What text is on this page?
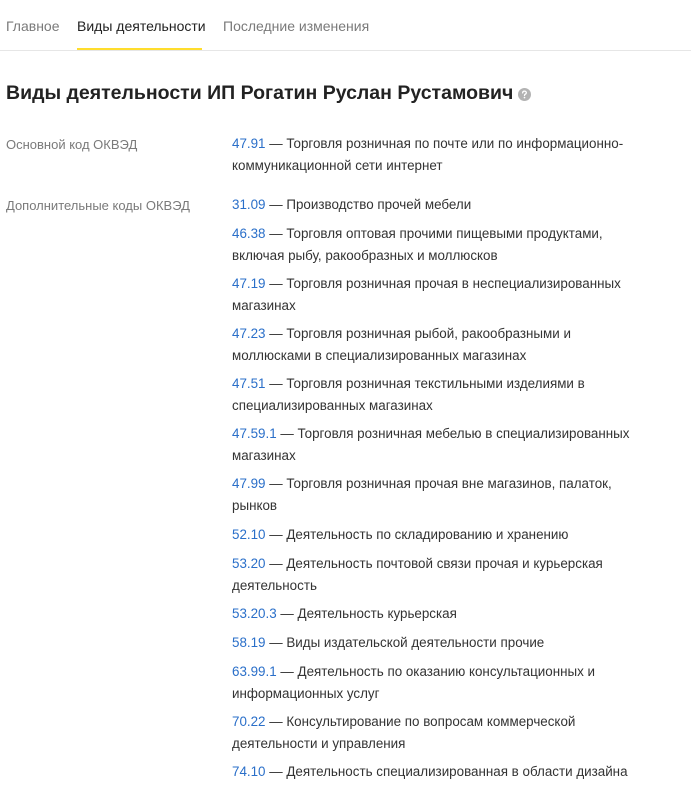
Главное Виды деятельности Последние изменения
Виды деятельности ИП Рогатин Руслан Рустамович
Основной код ОКВЭД	47.91 — Торговля розничная по почте или по информационно-коммуникационной сети интернет
Дополнительные коды ОКВЭД	31.09 — Производство прочей мебели
46.38 — Торговля оптовая прочими пищевыми продуктами, включая рыбу, ракообразных и моллюсков
47.19 — Торговля розничная прочая в неспециализированных магазинах
47.23 — Торговля розничная рыбой, ракообразными и моллюсками в специализированных магазинах
47.51 — Торговля розничная текстильными изделиями в специализированных магазинах
47.59.1 — Торговля розничная мебелью в специализированных магазинах
47.99 — Торговля розничная прочая вне магазинов, палаток, рынков
52.10 — Деятельность по складированию и хранению
53.20 — Деятельность почтовой связи прочая и курьерская деятельность
53.20.3 — Деятельность курьерская
58.19 — Виды издательской деятельности прочие
63.99.1 — Деятельность по оказанию консультационных и информационных услуг
70.22 — Консультирование по вопросам коммерческой деятельности и управления
74.10 — Деятельность специализированная в области дизайна
